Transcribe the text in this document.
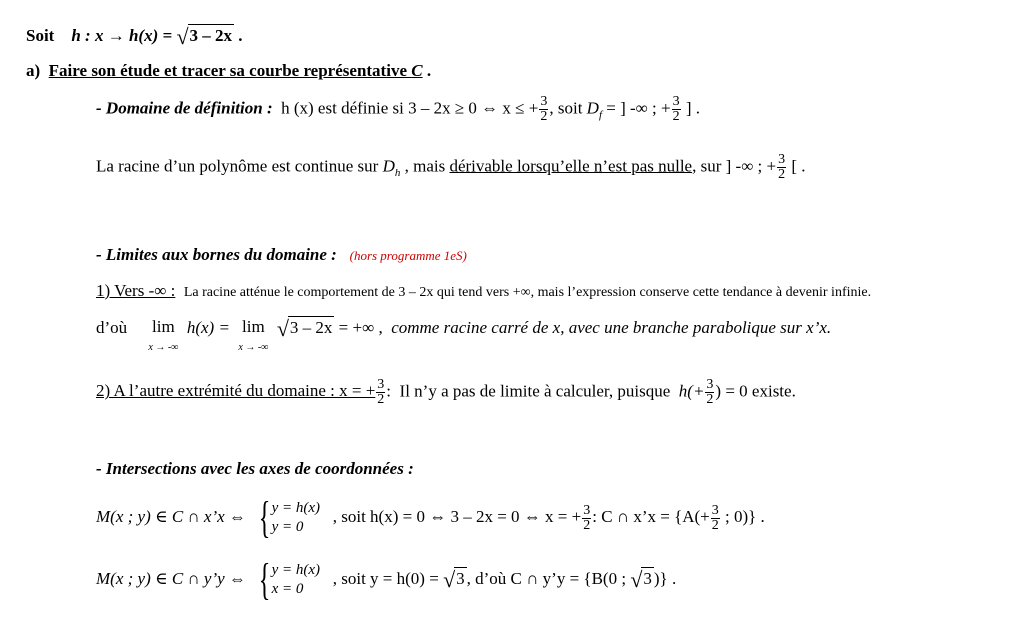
Soit h : x → h(x) = √3 – 2x .
a) Faire son étude et tracer sa courbe représentative C .
- Domaine de définition : h (x) est définie si 3 – 2x ≥ 0 ⇔ x ≤ + $\frac{3}{2}$ , soit $D_f$ = ] -∞ ; + $\frac{3}{2}$ ] .
La racine d’un polynôme est continue sur $D_h$ , mais dérivable lorsqu’elle n’est pas nulle, sur ] -∞ ; + $\frac{3}{2}$ [ .
- Limites aux bornes du domaine : (hors programme 1eS)
1) Vers -∞ : La racine atténue le comportement de 3 – 2x qui tend vers +∞, mais l’expression conserve cette tendance à devenir infinie.
d’où lim
x → -∞
h(x) = lim
x → -∞
√3 – 2x = +∞ , comme racine carré de x, avec une branche parabolique sur x’x.
2) A l’autre extrémité du domaine : x = + $\frac{3}{2}$ : Il n’y a pas de limite à calculer, puisque $h(+ \frac{3}{2}$ ) = 0 existe.
- Intersections avec les axes de coordonnées :
M(x ; y) ∈ C ∩ x’x ⇔ { y = h(x)
y = 0
, soit h(x) = 0 ⇔ 3 – 2x = 0 ⇔ x = + $\frac{3}{2}$ : C ∩ x’x = {$A(+ \frac{3}{2}$ ; 0)} .
M(x ; y) ∈ C ∩ y’y ⇔ { y = h(x)
x = 0
, soit y = h(0) = √3 , d’où C ∩ y’y = {B(0 ; √3 )} .
